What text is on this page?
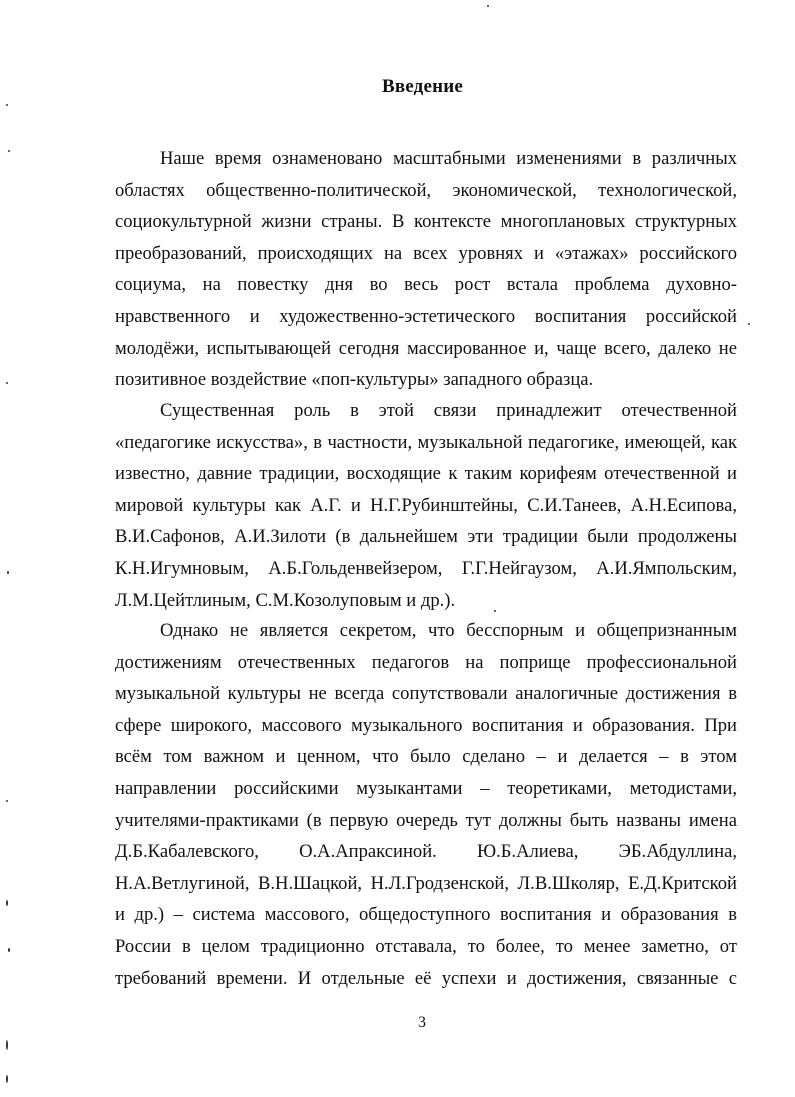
Введение
Наше время ознаменовано масштабными изменениями в различных
областях общественно-политической, экономической, технологической,
социокультурной жизни страны. В контексте многоплановых структурных
преобразований, происходящих на всех уровнях и «этажах» российского
социума, на повестку дня во весь рост встала проблема духовно-
нравственного и художественно-эстетического воспитания российской
молодёжи, испытывающей сегодня массированное и, чаще всего, далеко не
позитивное воздействие «поп-культуры» западного образца.
Существенная роль в этой связи принадлежит отечественной
«педагогике искусства», в частности, музыкальной педагогике, имеющей, как
известно, давние традиции, восходящие к таким корифеям отечественной и
мировой культуры как А.Г. и Н.Г.Рубинштейны, С.И.Танеев, А.Н.Есипова,
В.И.Сафонов, А.И.Зилоти (в дальнейшем эти традиции были продолжены
К.Н.Игумновым, А.Б.Гольденвейзером, Г.Г.Нейгаузом, А.И.Ямпольским,
Л.М.Цейтлиным, С.М.Козолуповым и др.).
Однако не является секретом, что бесспорным и общепризнанным
достижениям отечественных педагогов на поприще профессиональной
музыкальной культуры не всегда сопутствовали аналогичные достижения в
сфере широкого, массового музыкального воспитания и образования. При
всём том важном и ценном, что было сделано – и делается – в этом
направлении российскими музыкантами – теоретиками, методистами,
учителями-практиками (в первую очередь тут должны быть названы имена
Д.Б.Кабалевского, О.А.Апраксиной. Ю.Б.Алиева, ЭБ.Абдуллина,
Н.А.Ветлугиной, В.Н.Шацкой, Н.Л.Гродзенской, Л.В.Школяр, Е.Д.Критской
и др.) – система массового, общедоступного воспитания и образования в
России в целом традиционно отставала, то более, то менее заметно, от
требований времени. И отдельные её успехи и достижения, связанные с
3
